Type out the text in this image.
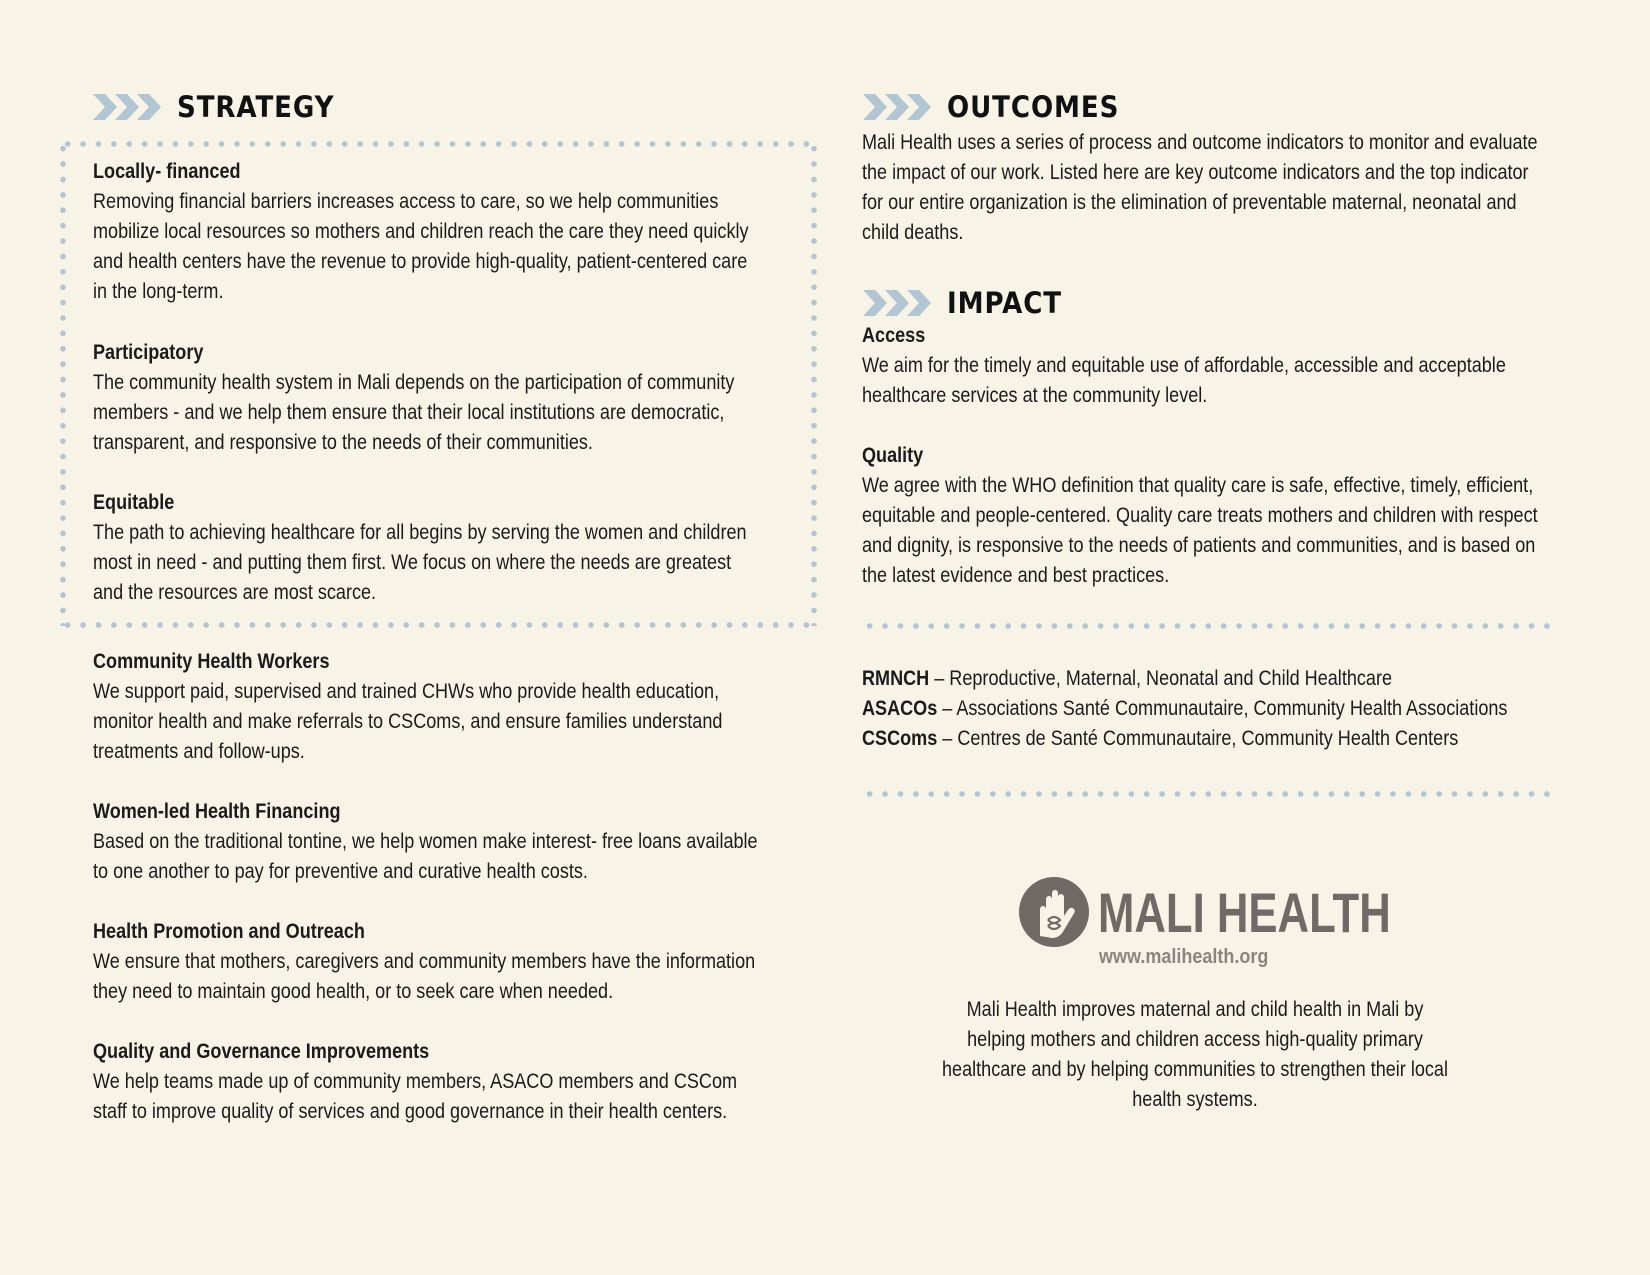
STRATEGY
Locally- financed
Removing financial barriers increases access to care, so we help communities mobilize local resources so mothers and children reach the care they need quickly and health centers have the revenue to provide high-quality, patient-centered care in the long-term.
Participatory
The community health system in Mali depends on the participation of community members - and we help them ensure that their local institutions are democratic, transparent, and responsive to the needs of their communities.
Equitable
The path to achieving healthcare for all begins by serving the women and children most in need - and putting them first. We focus on where the needs are greatest and the resources are most scarce.
Community Health Workers
We support paid, supervised and trained CHWs who provide health education, monitor health and make referrals to CSComs, and ensure families understand treatments and follow-ups.
Women-led Health Financing
Based on the traditional tontine, we help women make interest- free loans available to one another to pay for preventive and curative health costs.
Health Promotion and Outreach
We ensure that mothers, caregivers and community members have the information they need to maintain good health, or to seek care when needed.
Quality and Governance Improvements
We help teams made up of community members, ASACO members and CSCom staff to improve quality of services and good governance in their health centers.
OUTCOMES
Mali Health uses a series of process and outcome indicators to monitor and evaluate the impact of our work. Listed here are key outcome indicators and the top indicator for our entire organization is the elimination of preventable maternal, neonatal and child deaths.
IMPACT
Access
We aim for the timely and equitable use of affordable, accessible and acceptable healthcare services at the community level.
Quality
We agree with the WHO definition that quality care is safe, effective, timely, efficient, equitable and people-centered. Quality care treats mothers and children with respect and dignity, is responsive to the needs of patients and communities, and is based on the latest evidence and best practices.
RMNCH – Reproductive, Maternal, Neonatal and Child Healthcare
ASACOs – Associations Santé Communautaire, Community Health Associations
CSComs – Centres de Santé Communautaire, Community Health Centers
MALI HEALTH
www.malihealth.org
Mali Health improves maternal and child health in Mali by helping mothers and children access high-quality primary healthcare and by helping communities to strengthen their local health systems.
